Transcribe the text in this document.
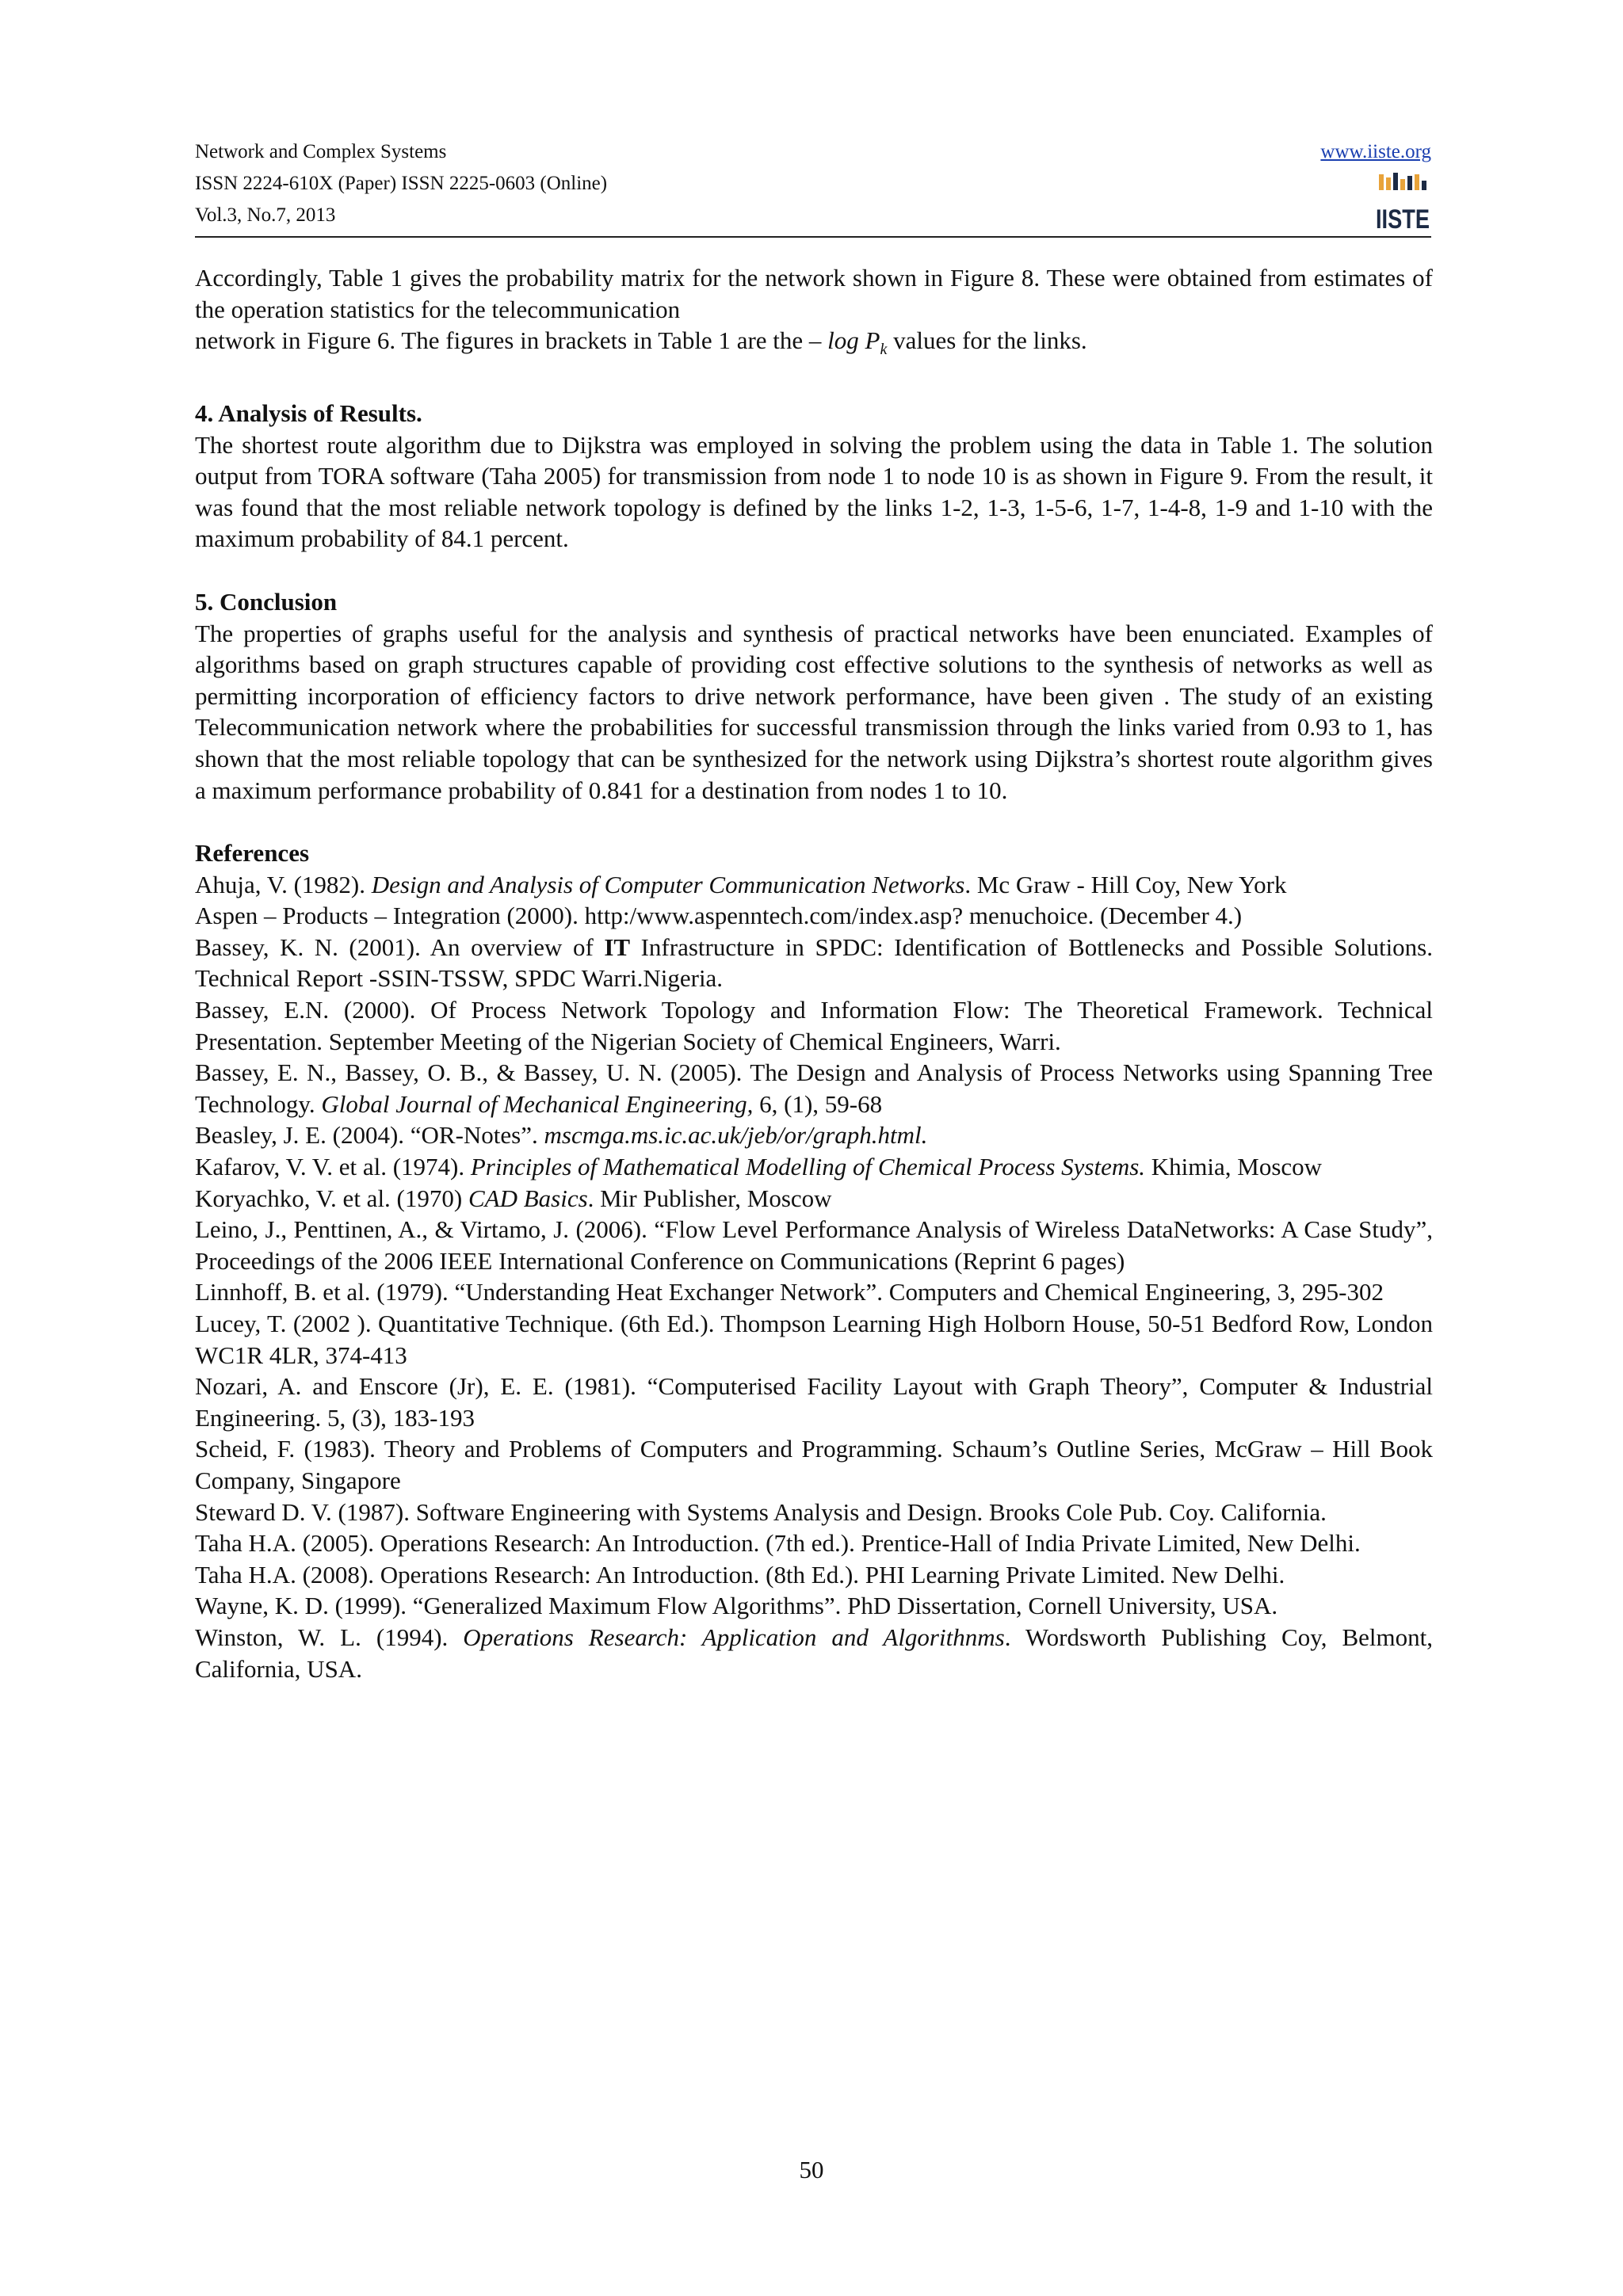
Network and Complex Systems
ISSN 2224-610X (Paper) ISSN 2225-0603 (Online)
Vol.3, No.7, 2013
www.iiste.org
IISTE

Accordingly, Table 1 gives the probability matrix for the network shown in Figure 8. These were obtained from estimates of the operation statistics for the telecommunication

network in Figure 6. The figures in brackets in Table 1 are the – $\log P_k$ values for the links.

4. Analysis of Results.

The shortest route algorithm due to Dijkstra was employed in solving the problem using the data in Table 1. The solution output from TORA software (Taha 2005) for transmission from node 1 to node 10 is as shown in Figure 9. From the result, it was found that the most reliable network topology is defined by the links 1-2, 1-3, 1-5-6, 1-7, 1-4-8, 1-9 and 1-10 with the maximum probability of 84.1 percent.

5. Conclusion

The properties of graphs useful for the analysis and synthesis of practical networks have been enunciated. Examples of algorithms based on graph structures capable of providing cost effective solutions to the synthesis of networks as well as permitting incorporation of efficiency factors to drive network performance, have been given . The study of an existing Telecommunication network where the probabilities for successful transmission through the links varied from 0.93 to 1, has shown that the most reliable topology that can be synthesized for the network using Dijkstra’s shortest route algorithm gives a maximum performance probability of 0.841 for a destination from nodes 1 to 10.

References

Ahuja, V. (1982). Design and Analysis of Computer Communication Networks. Mc Graw - Hill Coy, New York

Aspen – Products – Integration (2000). http:/www.aspenntech.com/index.asp? menuchoice. (December 4.)

Bassey, K. N. (2001). An overview of IT Infrastructure in SPDC: Identification of Bottlenecks and Possible Solutions. Technical Report -SSIN-TSSW, SPDC Warri.Nigeria.

Bassey, E.N. (2000). Of Process Network Topology and Information Flow: The Theoretical Framework. Technical Presentation. September Meeting of the Nigerian Society of Chemical Engineers, Warri.

Bassey, E. N., Bassey, O. B., & Bassey, U. N. (2005). The Design and Analysis of Process Networks using Spanning Tree Technology. Global Journal of Mechanical Engineering, 6, (1), 59-68

Beasley, J. E. (2004). “OR-Notes”. mscmga.ms.ic.ac.uk/jeb/or/graph.html.

Kafarov, V. V. et al. (1974). Principles of Mathematical Modelling of Chemical Process Systems. Khimia, Moscow

Koryachko, V. et al. (1970) CAD Basics. Mir Publisher, Moscow

Leino, J., Penttinen, A., & Virtamo, J. (2006). “Flow Level Performance Analysis of Wireless DataNetworks: A Case Study”, Proceedings of the 2006 IEEE International Conference on Communications (Reprint 6 pages)

Linnhoff, B. et al. (1979). “Understanding Heat Exchanger Network”. Computers and Chemical Engineering, 3, 295-302

Lucey, T. (2002 ). Quantitative Technique. (6th Ed.). Thompson Learning High Holborn House, 50-51 Bedford Row, London WC1R 4LR, 374-413

Nozari, A. and Enscore (Jr), E. E. (1981). “Computerised Facility Layout with Graph Theory”, Computer & Industrial Engineering. 5, (3), 183-193

Scheid, F. (1983). Theory and Problems of Computers and Programming. Schaum’s Outline Series, McGraw – Hill Book Company, Singapore

Steward D. V. (1987). Software Engineering with Systems Analysis and Design. Brooks Cole Pub. Coy. California.

Taha H.A. (2005). Operations Research: An Introduction. (7th ed.). Prentice-Hall of India Private Limited, New Delhi.

Taha H.A. (2008). Operations Research: An Introduction. (8th Ed.). PHI Learning Private Limited. New Delhi.

Wayne, K. D. (1999). “Generalized Maximum Flow Algorithms”. PhD Dissertation, Cornell University, USA.

Winston, W. L. (1994). Operations Research: Application and Algorithnms. Wordsworth Publishing Coy, Belmont, California, USA.

50
